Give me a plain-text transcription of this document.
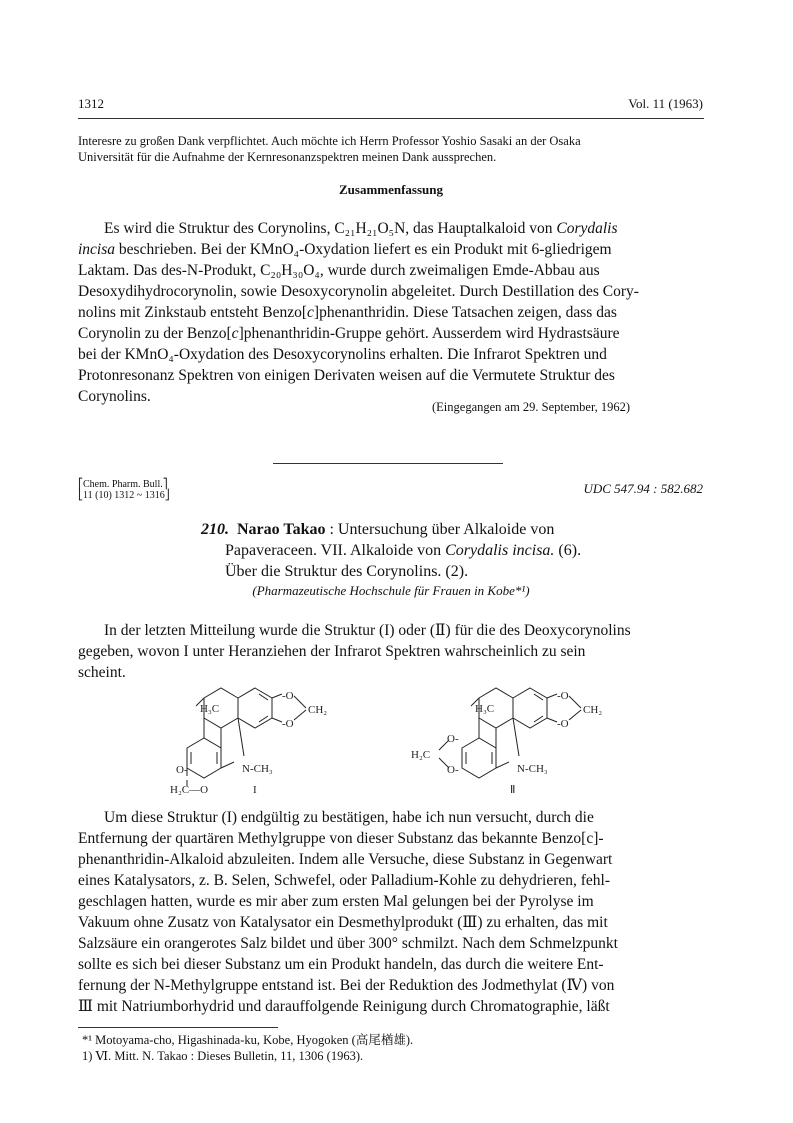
1312	Vol. 11 (1963)
Interesre zu großen Dank verpflichtet. Auch möchte ich Herrn Professor Yoshio Sasaki an der Osaka
Universität für die Aufnahme der Kernresonanzspektren meinen Dank aussprechen.
Zusammenfassung
Es wird die Struktur des Corynolins, C₂₁H₂₁O₅N, das Hauptalkaloid von Corydalis
incisa beschrieben. Bei der KMnO₄-Oxydation liefert es ein Produkt mit 6-gliedrigem
Laktam. Das des-N-Produkt, C₂₀H₃₀O₄, wurde durch zweimaligen Emde-Abbau aus
Desoxydihydrocorynolin, sowie Desoxycorynolin abgeleitet. Durch Destillation des Cory-
nolins mit Zinkstaub entsteht Benzo[c]phenanthridin. Diese Tatsachen zeigen, dass das
Corynolin zu der Benzo[c]phenanthridin-Gruppe gehört. Ausserdem wird Hydrastsäure
bei der KMnO₄-Oxydation des Desoxycorynolins erhalten. Die Infrarot Spektren und
Protonresonanz Spektren von einigen Derivaten weisen auf die Vermutete Struktur des
Corynolins.
(Eingegangen am 29. September, 1962)
⎡Chem. Pharm. Bull.⎤
⎣11 (10) 1312 ~ 1316⎦	UDC 547.94 : 582.682
210. Narao Takao : Untersuchung über Alkaloide von
Papaveraceen. VII. Alkaloide von Corydalis incisa. (6).
Über die Struktur des Corynolins. (2).
(Pharmazeutische Hochschule für Frauen in Kobe*¹)
In der letzten Mitteilung wurde die Struktur (I) oder (Ⅱ) für die des Deoxycorynolins
gegeben, wovon I unter Heranziehen der Infrarot Spektren wahrscheinlich zu sein
scheint.
H₃C
-O
-O
CH₂
N-CH₃
O-
H₂C—O	I
H₃C
-O
-O
CH₂
O-
O-
H₂C
N-CH₃
Ⅱ
Um diese Struktur (I) endgültig zu bestätigen, habe ich nun versucht, durch die
Entfernung der quartären Methylgruppe von dieser Substanz das bekannte Benzo[c]-
phenanthridin-Alkaloid abzuleiten. Indem alle Versuche, diese Substanz in Gegenwart
eines Katalysators, z. B. Selen, Schwefel, oder Palladium-Kohle zu dehydrieren, fehl-
geschlagen hatten, wurde es mir aber zum ersten Mal gelungen bei der Pyrolyse im
Vakuum ohne Zusatz von Katalysator ein Desmethylprodukt (Ⅲ) zu erhalten, das mit
Salzsäure ein orangerotes Salz bildet und über 300° schmilzt. Nach dem Schmelzpunkt
sollte es sich bei dieser Substanz um ein Produkt handeln, das durch die weitere Ent-
fernung der N-Methylgruppe entstand ist. Bei der Reduktion des Jodmethylat (Ⅳ) von
Ⅲ mit Natriumborhydrid und darauffolgende Reinigung durch Chromatographie, läßt
*¹ Motoyama-cho, Higashinada-ku, Kobe, Hyogoken (高尾楢雄).
1) Ⅵ. Mitt. N. Takao : Dieses Bulletin, 11, 1306 (1963).
